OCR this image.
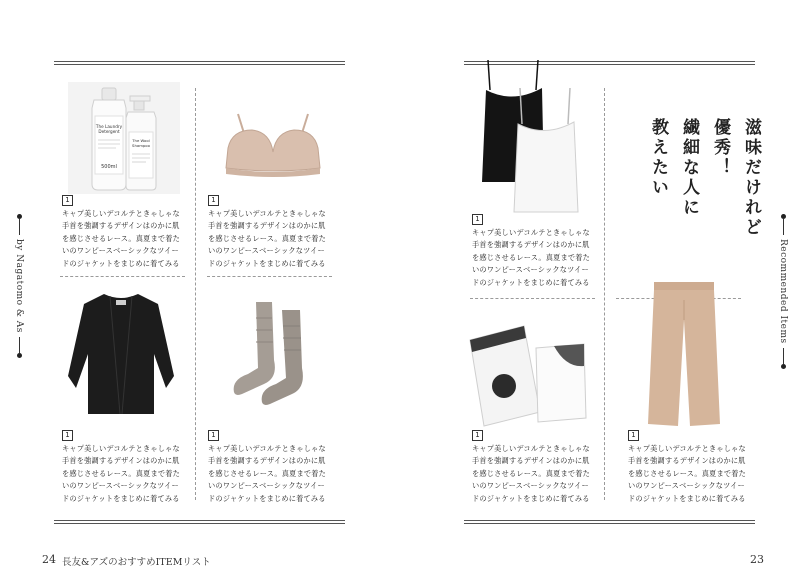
by Nagatomo & As
The Laundry
Detergent
500ml
The Wool
Shampoo
1
キャプ美しいデコルテときゃしゃな
手首を強調するデザインはのかに肌
を感じさせるレース。真夏まで着た
いのワンピースベーシックなツイー
ドのジャケットをまじめに着てみる
1
キャプ美しいデコルテときゃしゃな
手首を強調するデザインはのかに肌
を感じさせるレース。真夏まで着た
いのワンピースベーシックなツイー
ドのジャケットをまじめに着てみる
1
キャプ美しいデコルテときゃしゃな
手首を強調するデザインはのかに肌
を感じさせるレース。真夏まで着た
いのワンピースベーシックなツイー
ドのジャケットをまじめに着てみる
1
キャプ美しいデコルテときゃしゃな
手首を強調するデザインはのかに肌
を感じさせるレース。真夏まで着た
いのワンピースベーシックなツイー
ドのジャケットをまじめに着てみる
24 長友&アズのおすすめITEMリスト
Recommended Items
1
キャプ美しいデコルテときゃしゃな
手首を強調するデザインはのかに肌
を感じさせるレース。真夏まで着た
いのワンピースベーシックなツイー
ドのジャケットをまじめに着てみる
滋味だけれど
優秀！
繊細な人に
教えたい
1
キャプ美しいデコルテときゃしゃな
手首を強調するデザインはのかに肌
を感じさせるレース。真夏まで着た
いのワンピースベーシックなツイー
ドのジャケットをまじめに着てみる
1
キャプ美しいデコルテときゃしゃな
手首を強調するデザインはのかに肌
を感じさせるレース。真夏まで着た
いのワンピースベーシックなツイー
ドのジャケットをまじめに着てみる
23
